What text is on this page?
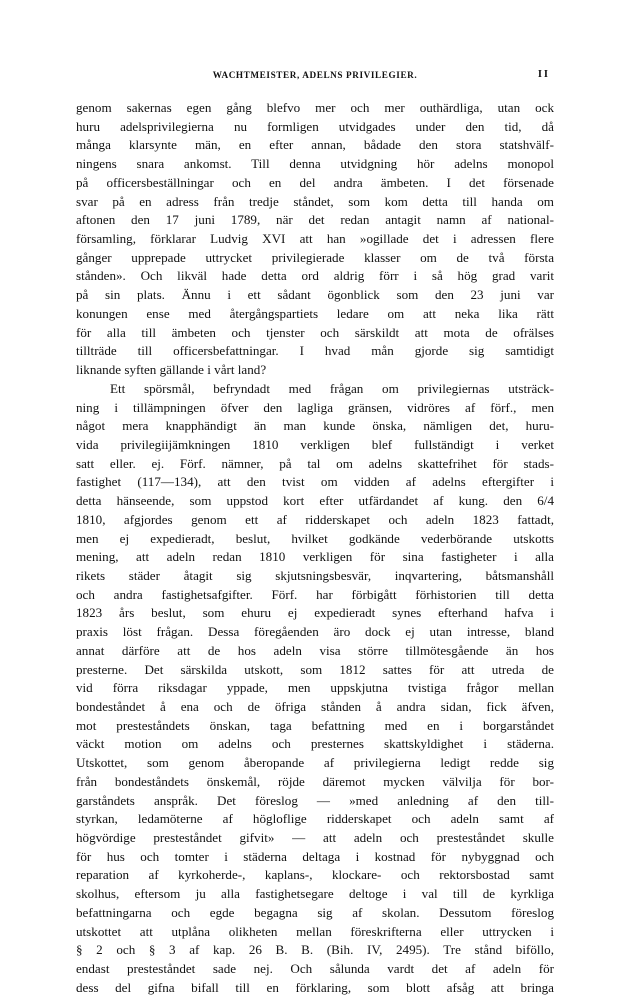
WACHTMEISTER, ADELNS PRIVILEGIER.	II
genom sakernas egen gång blefvo mer och mer outhärdliga, utan ock
huru adelsprivilegierna nu formligen utvidgades under den tid, då
många klarsynte män, en efter annan, bådade den stora statshvälf-
ningens snara ankomst. Till denna utvidgning hör adelns monopol
på officersbeställningar och en del andra ämbeten. I det försenade
svar på en adress från tredje ståndet, som kom detta till handa om
aftonen den 17 juni 1789, när det redan antagit namn af national-
församling, förklarar Ludvig XVI att han »ogillade det i adressen flere
gånger upprepade uttrycket privilegierade klasser om de två första
stånden». Och likväl hade detta ord aldrig förr i så hög grad varit
på sin plats. Ännu i ett sådant ögonblick som den 23 juni var
konungen ense med återgångspartiets ledare om att neka lika rätt
för alla till ämbeten och tjenster och särskildt att mota de ofrälses
tillträde till officersbefattningar. I hvad mån gjorde sig samtidigt
liknande syften gällande i vårt land?
Ett spörsmål, befryndadt med frågan om privilegiernas utsträck-
ning i tillämpningen öfver den lagliga gränsen, vidröres af förf., men
något mera knapphändigt än man kunde önska, nämligen det, huru-
vida privilegiijämkningen 1810 verkligen blef fullständigt i verket
satt eller. ej. Förf. nämner, på tal om adelns skattefrihet för stads-
fastighet (117—134), att den tvist om vidden af adelns eftergifter i
detta hänseende, som uppstod kort efter utfärdandet af kung. den 6/4
1810, afgjordes genom ett af ridderskapet och adeln 1823 fattadt,
men ej expedieradt, beslut, hvilket godkände vederbörande utskotts
mening, att adeln redan 1810 verkligen för sina fastigheter i alla
rikets städer åtagit sig skjutsningsbesvär, inqvartering, båtsmanshåll
och andra fastighetsafgifter. Förf. har förbigått förhistorien till detta
1823 års beslut, som ehuru ej expedieradt synes efterhand hafva i
praxis löst frågan. Dessa föregåenden äro dock ej utan intresse, bland
annat därföre att de hos adeln visa större tillmötesgående än hos
presterne. Det särskilda utskott, som 1812 sattes för att utreda de
vid förra riksdagar yppade, men uppskjutna tvistiga frågor mellan
bondeståndet å ena och de öfriga stånden å andra sidan, fick äfven,
mot presteståndets önskan, taga befattning med en i borgarståndet
väckt motion om adelns och presternes skattskyldighet i städerna.
Utskottet, som genom åberopande af privilegierna ledigt redde sig
från bondeståndets önskemål, röjde däremot mycken välvilja för bor-
garståndets anspråk. Det föreslog — »med anledning af den till-
styrkan, ledamöterne af högloflige ridderskapet och adeln samt af
högvördige presteståndet gifvit» — att adeln och presteståndet skulle
för hus och tomter i städerna deltaga i kostnad för nybyggnad och
reparation af kyrkoherde-, kaplans-, klockare- och rektorsbostad samt
skolhus, eftersom ju alla fastighetsegare deltoge i val till de kyrkliga
befattningarna och egde begagna sig af skolan. Dessutom föreslog
utskottet att utplåna olikheten mellan föreskrifterna eller uttrycken i
§ 2 och § 3 af kap. 26 B. B. (Bih. IV, 2495). Tre stånd biföllo,
endast presteståndet sade nej. Och sålunda vardt det af adeln för
dess del gifna bifall till en förklaring, som blott afsåg att bringa
